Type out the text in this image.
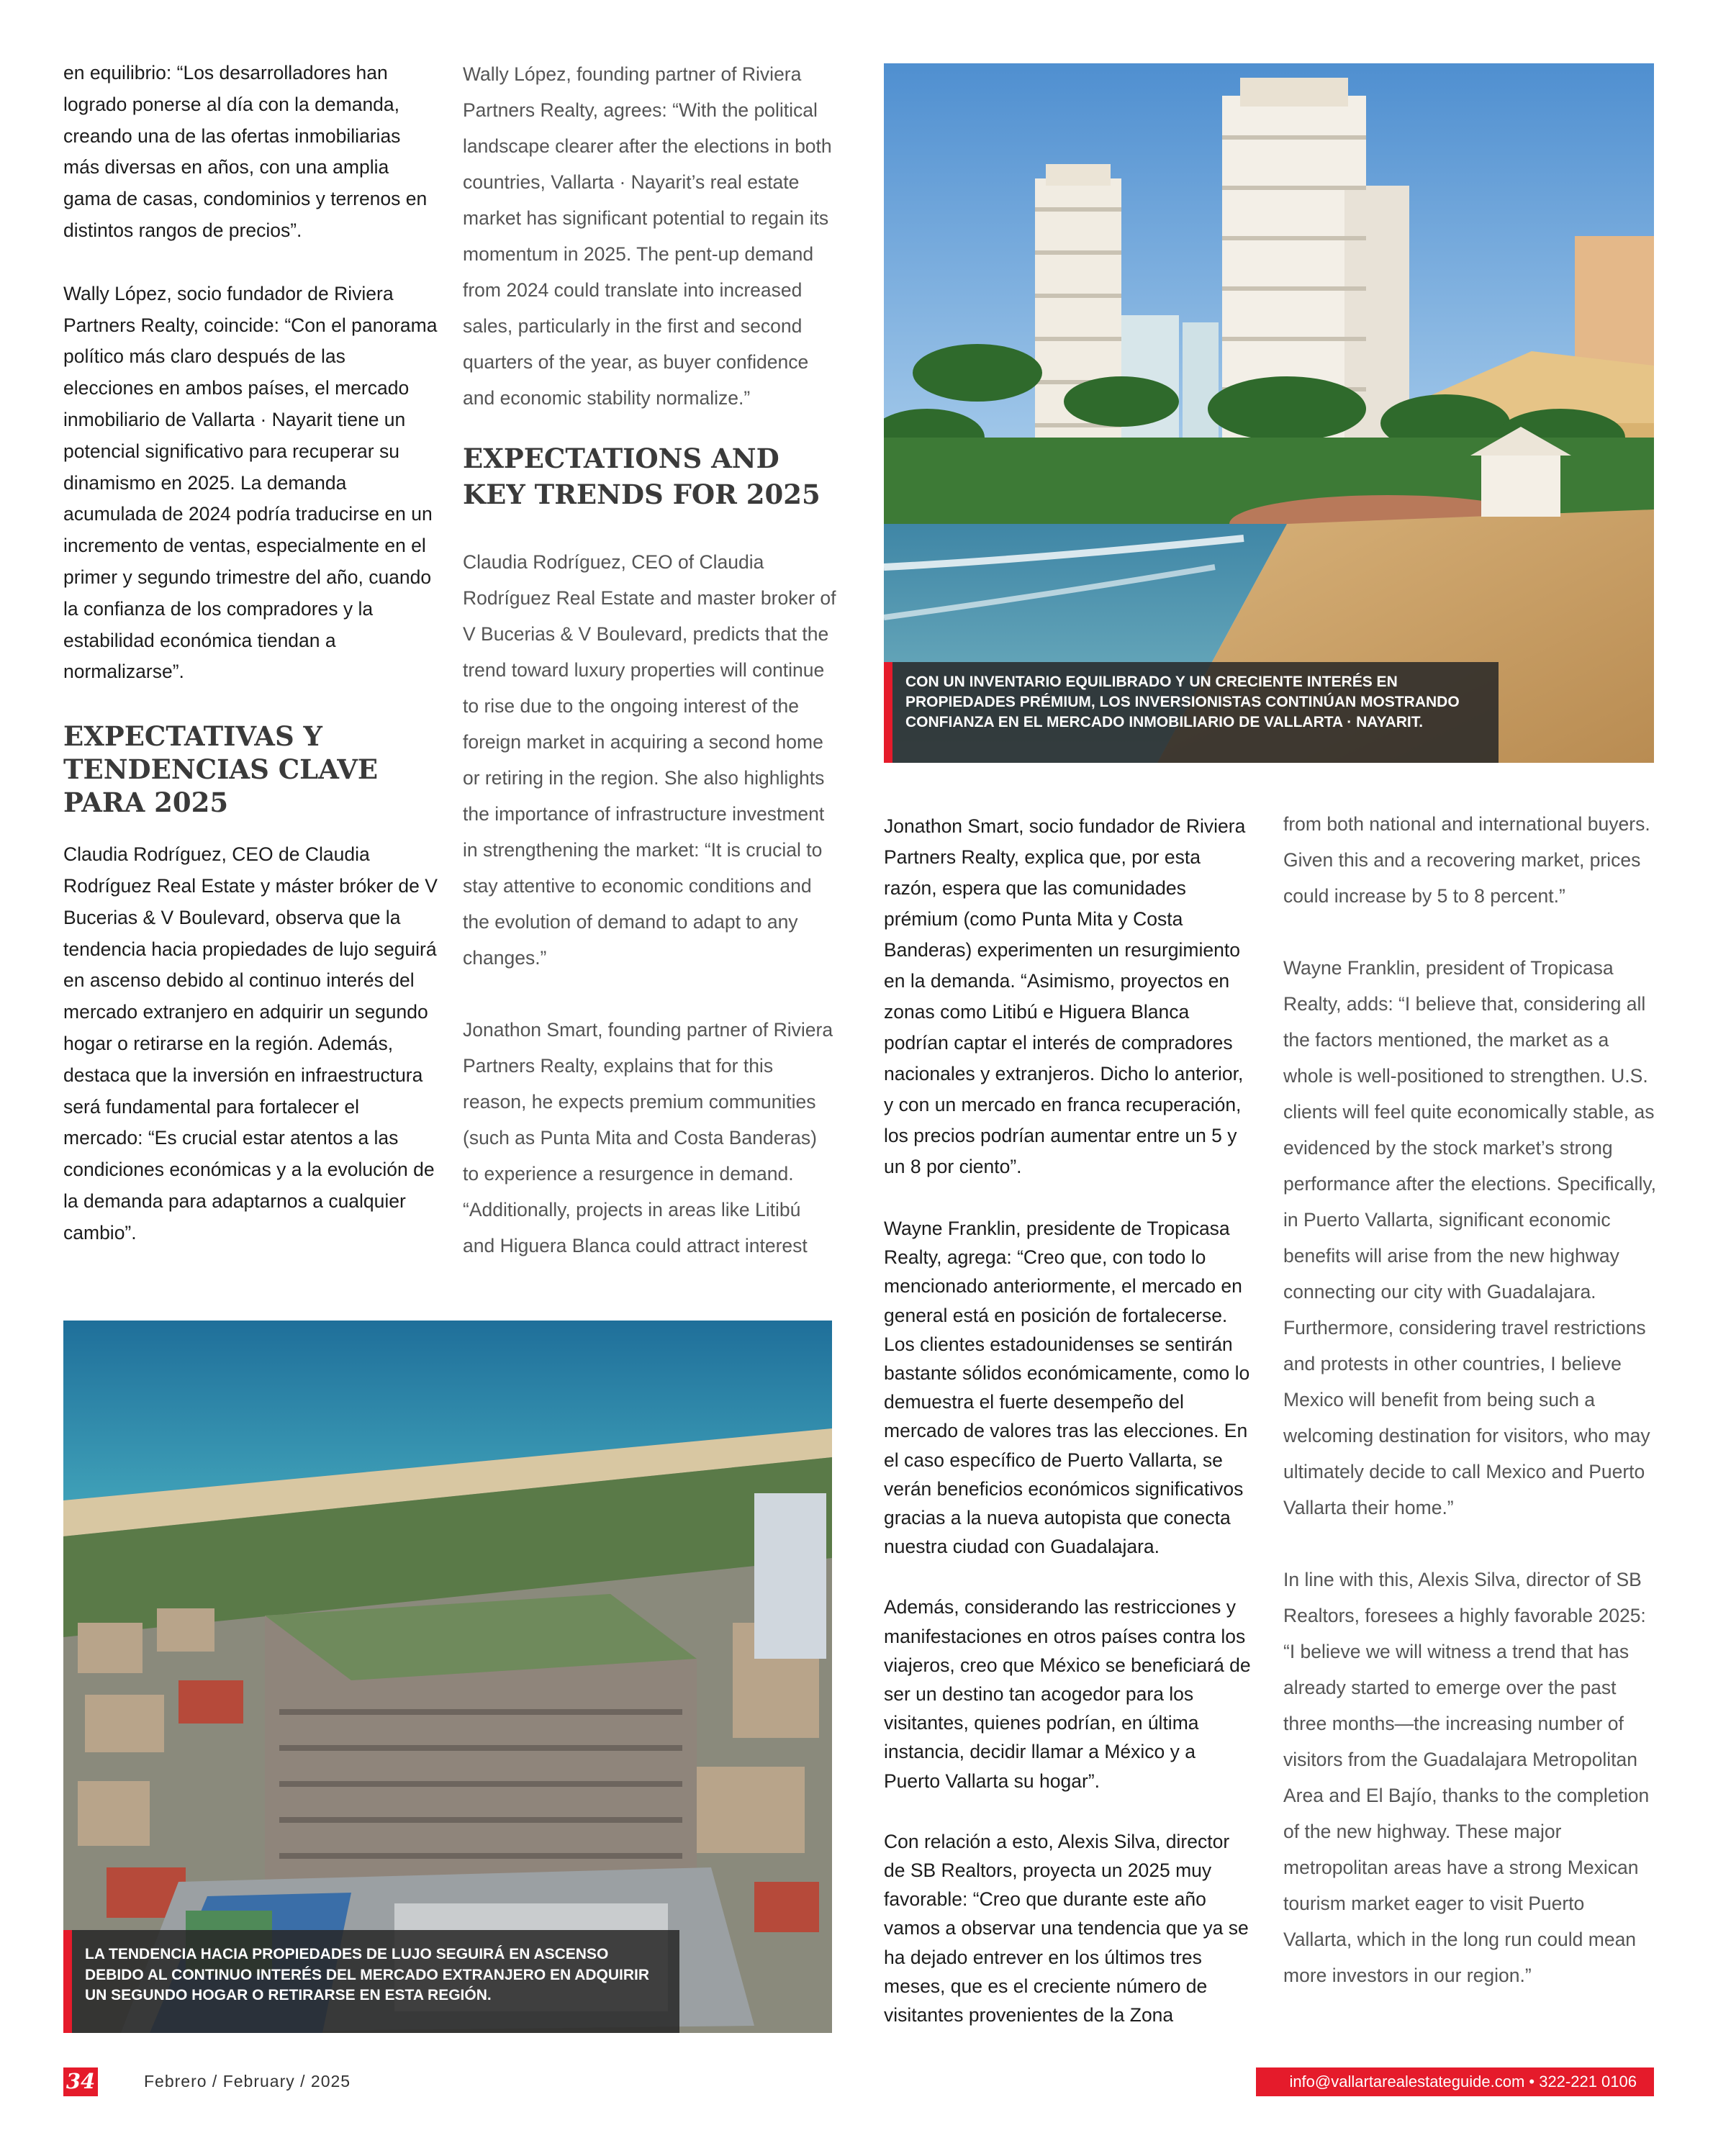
en equilibrio: “Los desarrolladores han logrado ponerse al día con la demanda, creando una de las ofertas inmobiliarias más diversas en años, con una amplia gama de casas, condominios y terrenos en distintos rangos de precios”.

Wally López, socio fundador de Riviera Partners Realty, coincide: “Con el panorama político más claro después de las elecciones en ambos países, el mercado inmobiliario de Vallarta · Nayarit tiene un potencial significativo para recuperar su dinamismo en 2025. La demanda acumulada de 2024 podría traducirse en un incremento de ventas, especialmente en el primer y segundo trimestre del año, cuando la confianza de los compradores y la estabilidad económica tiendan a normalizarse”.

EXPECTATIVAS Y TENDENCIAS CLAVE PARA 2025

Claudia Rodríguez, CEO de Claudia Rodríguez Real Estate y máster bróker de V Bucerias & V Boulevard, observa que la tendencia hacia propiedades de lujo seguirá en ascenso debido al continuo interés del mercado extranjero en adquirir un segundo hogar o retirarse en la región. Además, destaca que la inversión en infraestructura será fundamental para fortalecer el mercado: “Es crucial estar atentos a las condiciones económicas y a la evolución de la demanda para adaptarnos a cualquier cambio”.

Wally López, founding partner of Riviera Partners Realty, agrees: “With the political landscape clearer after the elections in both countries, Vallarta · Nayarit’s real estate market has significant potential to regain its momentum in 2025. The pent-up demand from 2024 could translate into increased sales, particularly in the first and second quarters of the year, as buyer confidence and economic stability normalize.”

EXPECTATIONS AND KEY TRENDS FOR 2025

Claudia Rodríguez, CEO of Claudia Rodríguez Real Estate and master broker of V Bucerias & V Boulevard, predicts that the trend toward luxury properties will continue to rise due to the ongoing interest of the foreign market in acquiring a second home or retiring in the region. She also highlights the importance of infrastructure investment in strengthening the market: “It is crucial to stay attentive to economic conditions and the evolution of demand to adapt to any changes.”

Jonathon Smart, founding partner of Riviera Partners Realty, explains that for this reason, he expects premium communities (such as Punta Mita and Costa Banderas) to experience a resurgence in demand. “Additionally, projects in areas like Litibú and Higuera Blanca could attract interest

CON UN INVENTARIO EQUILIBRADO Y UN CRECIENTE INTERÉS EN PROPIEDADES PRÉMIUM, LOS INVERSIONISTAS CONTINÚAN MOSTRANDO CONFIANZA EN EL MERCADO INMOBILIARIO DE VALLARTA · NAYARIT.

Jonathon Smart, socio fundador de Riviera Partners Realty, explica que, por esta razón, espera que las comunidades prémium (como Punta Mita y Costa Banderas) experimenten un resurgimiento en la demanda. “Asimismo, proyectos en zonas como Litibú e Higuera Blanca podrían captar el interés de compradores nacionales y extranjeros. Dicho lo anterior, y con un mercado en franca recuperación, los precios podrían aumentar entre un 5 y un 8 por ciento”.

Wayne Franklin, presidente de Tropicasa Realty, agrega: “Creo que, con todo lo mencionado anteriormente, el mercado en general está en posición de fortalecerse. Los clientes estadounidenses se sentirán bastante sólidos económicamente, como lo demuestra el fuerte desempeño del mercado de valores tras las elecciones. En el caso específico de Puerto Vallarta, se verán beneficios económicos significativos gracias a la nueva autopista que conecta nuestra ciudad con Guadalajara.

Además, considerando las restricciones y manifestaciones en otros países contra los viajeros, creo que México se beneficiará de ser un destino tan acogedor para los visitantes, quienes podrían, en última instancia, decidir llamar a México y a Puerto Vallarta su hogar”.

Con relación a esto, Alexis Silva, director de SB Realtors, proyecta un 2025 muy favorable: “Creo que durante este año vamos a observar una tendencia que ya se ha dejado entrever en los últimos tres meses, que es el creciente número de visitantes provenientes de la Zona

from both national and international buyers. Given this and a recovering market, prices could increase by 5 to 8 percent.”

Wayne Franklin, president of Tropicasa Realty, adds: “I believe that, considering all the factors mentioned, the market as a whole is well-positioned to strengthen. U.S. clients will feel quite economically stable, as evidenced by the stock market’s strong performance after the elections. Specifically, in Puerto Vallarta, significant economic benefits will arise from the new highway connecting our city with Guadalajara. Furthermore, considering travel restrictions and protests in other countries, I believe Mexico will benefit from being such a welcoming destination for visitors, who may ultimately decide to call Mexico and Puerto Vallarta their home.”

In line with this, Alexis Silva, director of SB Realtors, foresees a highly favorable 2025: “I believe we will witness a trend that has already started to emerge over the past three months—the increasing number of visitors from the Guadalajara Metropolitan Area and El Bajío, thanks to the completion of the new highway. These major metropolitan areas have a strong Mexican tourism market eager to visit Puerto Vallarta, which in the long run could mean more investors in our region.”

LA TENDENCIA HACIA PROPIEDADES DE LUJO SEGUIRÁ EN ASCENSO DEBIDO AL CONTINUO INTERÉS DEL MERCADO EXTRANJERO EN ADQUIRIR UN SEGUNDO HOGAR O RETIRARSE EN ESTA REGIÓN.
34	Febrero / February / 2025	info@vallartarealestateguide.com • 322-221 0106
